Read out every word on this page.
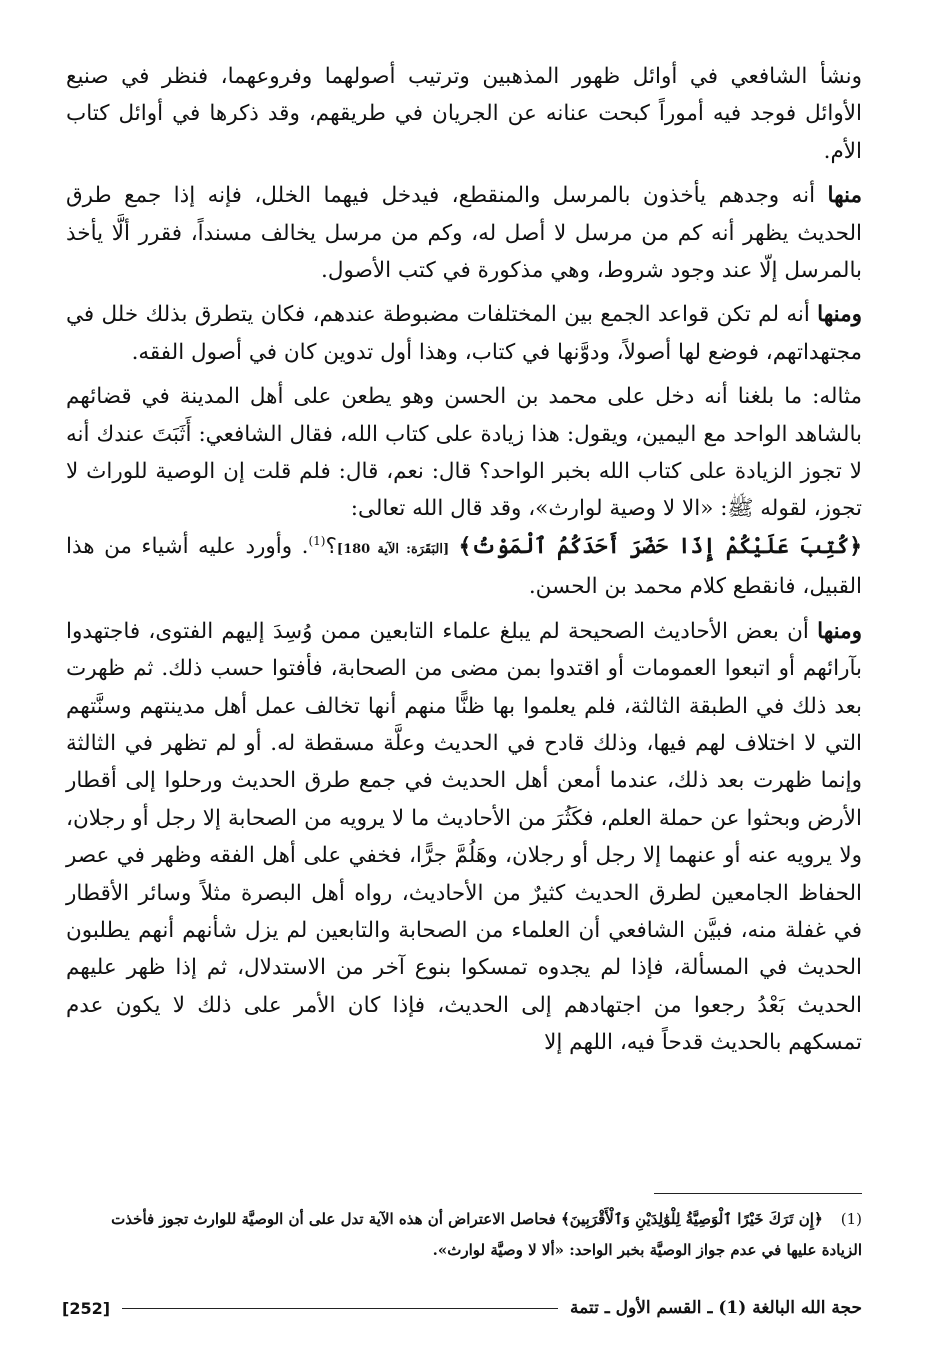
ونشأ الشافعي في أوائل ظهور المذهبين وترتيب أصولهما وفروعهما، فنظر في صنيع الأوائل فوجد فيه أموراً كبحت عنانه عن الجريان في طريقهم، وقد ذكرها في أوائل كتاب الأم.

منها أنه وجدهم يأخذون بالمرسل والمنقطع، فيدخل فيهما الخلل، فإنه إذا جمع طرق الحديث يظهر أنه كم من مرسل لا أصل له، وكم من مرسل يخالف مسنداً، فقرر ألَّا يأخذ بالمرسل إلّا عند وجود شروط، وهي مذكورة في كتب الأصول.

ومنها أنه لم تكن قواعد الجمع بين المختلفات مضبوطة عندهم، فكان يتطرق بذلك خلل في مجتهداتهم، فوضع لها أصولاً، ودوَّنها في كتاب، وهذا أول تدوين كان في أصول الفقه.

مثاله: ما بلغنا أنه دخل على محمد بن الحسن وهو يطعن على أهل المدينة في قضائهم بالشاهد الواحد مع اليمين، ويقول: هذا زيادة على كتاب الله، فقال الشافعي: أَثَبَتَ عندك أنه لا تجوز الزيادة على كتاب الله بخبر الواحد؟ قال: نعم، قال: فلم قلت إن الوصية للوراث لا تجوز، لقوله ﷺ: «الا لا وصية لوارث»، وقد قال الله تعالى:
﴿كُتِبَ عَلَيْكُمْ إِذَا حَضَرَ أَحَدَكُمُ ٱلْمَوْتُ﴾ [البَقَرَة: الآية 180]؟$^{(1)}$. وأورد عليه أشياء من هذا القبيل، فانقطع كلام محمد بن الحسن.

ومنها أن بعض الأحاديث الصحيحة لم يبلغ علماء التابعين ممن وُسِدَ إليهم الفتوى، فاجتهدوا بآرائهم أو اتبعوا العمومات أو اقتدوا بمن مضى من الصحابة، فأفتوا حسب ذلك. ثم ظهرت بعد ذلك في الطبقة الثالثة، فلم يعلموا بها ظنًّا منهم أنها تخالف عمل أهل مدينتهم وسنَّتهم التي لا اختلاف لهم فيها، وذلك قادح في الحديث وعلَّة مسقطة له. أو لم تظهر في الثالثة وإنما ظهرت بعد ذلك، عندما أمعن أهل الحديث في جمع طرق الحديث ورحلوا إلى أقطار الأرض وبحثوا عن حملة العلم، فكَثُرَ من الأحاديث ما لا يرويه من الصحابة إلا رجل أو رجلان، ولا يرويه عنه أو عنهما إلا رجل أو رجلان، وهَلُمَّ جرًّا، فخفي على أهل الفقه وظهر في عصر الحفاظ الجامعين لطرق الحديث كثيرٌ من الأحاديث، رواه أهل البصرة مثلاً وسائر الأقطار في غفلة منه، فبيَّن الشافعي أن العلماء من الصحابة والتابعين لم يزل شأنهم أنهم يطلبون الحديث في المسألة، فإذا لم يجدوه تمسكوا بنوع آخر من الاستدلال، ثم إذا ظهر عليهم الحديث بَعْدُ رجعوا من اجتهادهم إلى الحديث، فإذا كان الأمر على ذلك لا يكون عدم تمسكهم بالحديث قدحاً فيه، اللهم إلا

(1) ﴿إِن تَرَكَ خَيْرًا ٱلْوَصِيَّةُ لِلْوَٰلِدَيْنِ وَٱلْأَقْرَبِينَ﴾ فحاصل الاعتراض أن هذه الآية تدل على أن الوصيَّة للوارث تجوز فأخذت الزيادة عليها في عدم جواز الوصيَّة بخبر الواحد: «ألا لا وصيَّة لوارث».
حجة الله البالغة (1) ـ القسم الأول ـ تتمة
[252]
